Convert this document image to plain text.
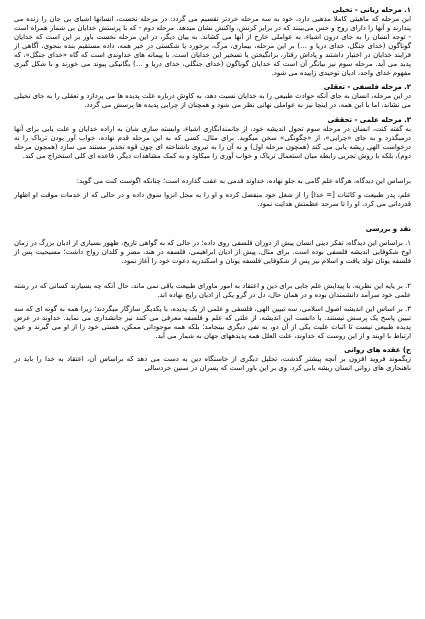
۱. مرحله ربانی - تخیلی

این مرحله که ماهیتی کاملا مذهبی دارد، خود به سه مرحله خردتر تقسیم می گردد: در مرحله نخست، انسانها اشیای بی جان را زنده می پندارند و آنها را دارای روح و حس می‌بینند که در برابر کرنش، واکنش نشان میدهد. مرحله دوم - که با پرستش خدایان بی شمار همراه است - توجه انسان را به جای درون اشیاء، به عواملی خارج از آنها می کشاند. به بیان دیگر، در این مرحله نخست باور بر این است که خدایان گوناگون (خدای جنگل، خدای دریا و …) بر این مرحله، بیماری، مرگ، برخورد یا شکستی در خیر همه، داده مستقیم بنده بنحوی، آگاهی از فرایند خدایان در اختیار داشتند و پاداش رفتار، برانگیختن یا تسخیر این خدایان است. با پیمانه های خداوندی است که گاه «خدای جنگل»، که پدید می آید. مرحله سوم نیز بیانگر آن است که خدایان گوناگون (خدای جنگلی، خدای دریا و …) بگانیکی پیوند می خورند و با شکل گیری مفهوم خدای واحد، ادیان توحیدی زاییده می شود.

۲. مرحله فلسفی - تعقلی

در این مرحله، انسان به جای آنکه حوادث طبیعی را به خدایان نسبت دهد، به کاوش درباره علت پدیده ها می پردازد و تعقلی را به جای تخیلی می نشاند. اما با این همه، در اینجا نیز به عواملی نهانی نظر می شود و همچنان از چرایی پدیده ها پرسش می گردد.

۳. مرحله علمی - تحققی

به گفته کنت، انسان در مرحله سوم تحول اندیشه خود، از جانمندانگاری اشیاء، وابسته سازی شان به اراده خدایان و علت یابی برای آنها درمیگذرد و به جای «چرایی»، از «چگونگی» سخن میگوید. برای مثال، کسی که به این مرحله قدم نهاده، خواب آور بودن تریاک را نه درخواست الهی ریشه یابی می کند (همچون مرحله اول) و نه آن را به نیروی ناشناخته ای چون قوه تخدیر مستند می سازد (همچون مرحله دوم)، بلکه با روش تجربی رابطه میان استعمال تریاک و خواب آوری را میکاود و به کمک مشاهدات دیگر، قاعده ای کلی استخراج می کند.

براساس این دیدگاه، هرگاه علم گامی به جلو نهاده، خداوند قدمی به عقب گذارده است؛ چنانکه اگوست کنت می گوید:

علم، پدر طبیعت و کائنات [= خدا] را از شغل خود منفصل کرده و او را به محل انزوا سوق داده و در حالی که از خدمات موقت او اظهار قدردانی می کرد، او را تا سرحد عظمتش هدایت نمود.

نقد و بررسی

۱. براساس این دیدگاه، تفکر دینی انسان پیش از دوران فلسفی روی داده؛ در حالی که به گواهی تاریخ، ظهور بسیاری از ادیان بزرگ در زمان اوج شکوفایی اندیشه فلسفی بوده است. برای مثال، پیش از ادیان ابراهیمی، فلسفه در هند، مصر و کلدان رواج داشت؛ مسیحیت پس از فلسفه یونان تولد یافت و اسلام نیز پس از شکوفایی فلسفه یونان و اسکندریه دعوت خود را آغاز نمود.

۲. بر پایه این نظریه، با پیدایش علم جایی برای دین و اعتقاد به امور ماورای طبیعت باقی نمی ماند، حال آنکه چه بسیارند کسانی که در رشته علمی خود سرآمد دانشمندان بوده و در همان حال، دل در گرو یکی از ادیان رایج نهاده اند.

۳. بر اساس این اندیشه اصول اسلامی، سه تبیین الهی، فلسفی و علمی از یک پدیده، با یکدیگر سازگار میگردند؛ زیرا همه به گونه ای که سه تبیین پاسخ یک پرسش نیستند. با دانست این اندیشه، از علتی که علم و فلسفه معرفی می کنند نیز جانشداری می نماید. خداوند در عرض پدیده طبیعی نیست تا اثبات علیت یکی از آن دو، به نفی دیگری بینجامد؛ بلکه همه موجوداتی ممکن، هستی خود را از او می گیرند و عین ارتباط با اویند و از این روست که خداوند، علت العلل همه پدیدههای جهان به شمار می آید.

ج) عقده های روانی

زیگموند فروید افزون بر آنچه پیشتر گذشت، تحلیل دیگری از خاستگاه دین به دست می دهد که براساس آن، اعتقاد به خدا را باید در ناهنجاری های روانی انسان ریشه یابی کرد. وی بر این باور است که پسران در سنین خردسالی
